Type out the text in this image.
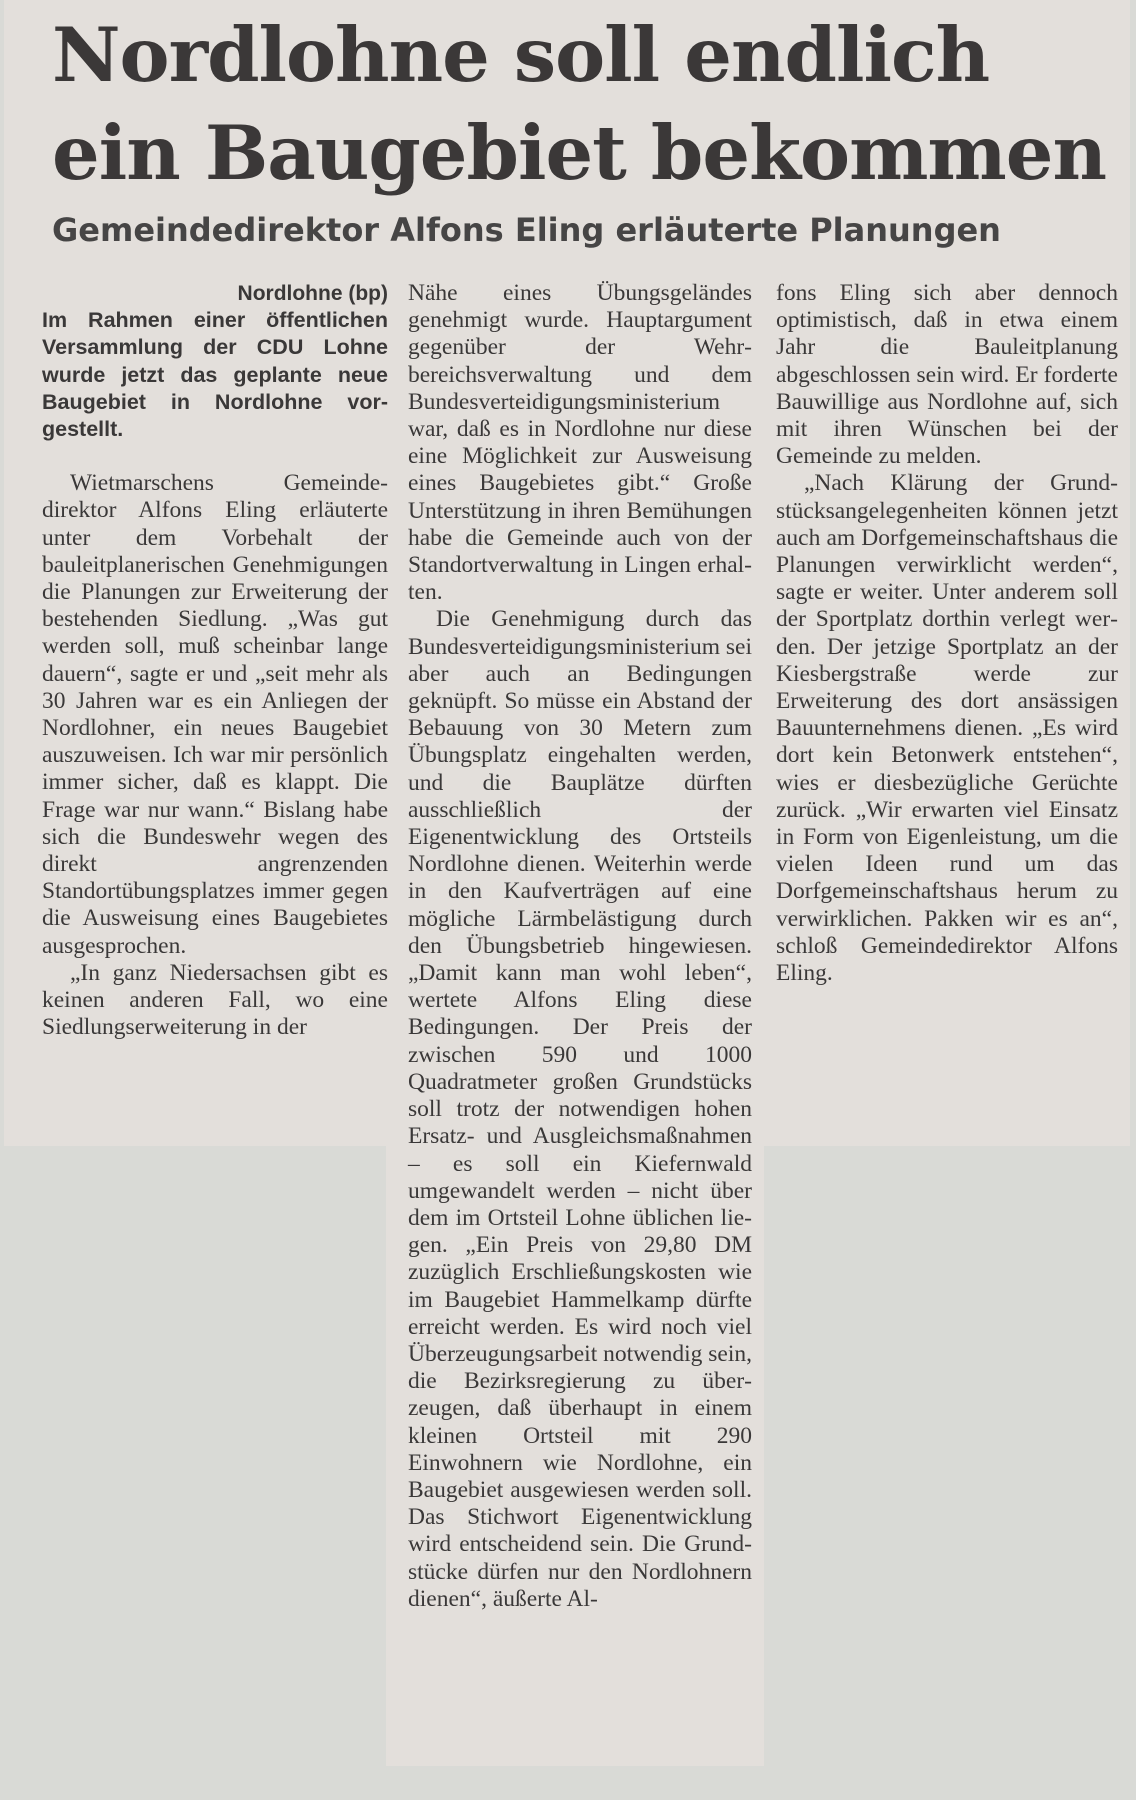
Nordlohne soll endlich ein Baugebiet bekommen
Gemeindedirektor Alfons Eling erläuterte Planungen

Nordlohne (bp)

Im Rahmen einer öffentlichen Versammlung der CDU Lohne wurde jetzt das geplante neue Baugebiet in Nordlohne vorgestellt.

Wietmarschens Gemeindedirektor Alfons Eling erläuterte unter dem Vorbehalt der bauleitplanerischen Genehmigungen die Planungen zur Erweiterung der bestehenden Siedlung. „Was gut werden soll, muß scheinbar lange dauern“, sagte er und „seit mehr als 30 Jahren war es ein Anliegen der Nordlohner, ein neues Baugebiet auszuweisen. Ich war mir persönlich immer sicher, daß es klappt. Die Frage war nur wann.“ Bislang habe sich die Bundeswehr wegen des direkt angrenzenden Standortübungsplatzes immer gegen die Ausweisung eines Baugebietes ausgesprochen.

„In ganz Niedersachsen gibt es keinen anderen Fall, wo eine Siedlungserweiterung in der

Nähe eines Übungsgeländes genehmigt wurde. Hauptargument gegenüber der Wehrbereichsverwaltung und dem Bundesverteidigungsministerium war, daß es in Nordlohne nur diese eine Möglichkeit zur Ausweisung eines Baugebietes gibt.“ Große Unterstützung in ihren Bemühungen habe die Gemeinde auch von der Standortverwaltung in Lingen erhalten.

Die Genehmigung durch das Bundesverteidigungsministerium sei aber auch an Bedingungen geknüpft. So müsse ein Abstand der Bebauung von 30 Metern zum Übungsplatz eingehalten werden, und die Bauplätze dürften ausschließlich der Eigenentwicklung des Ortsteils Nordlohne dienen. Weiterhin werde in den Kaufverträgen auf eine mögliche Lärmbelästigung durch den Übungsbetrieb hingewiesen. „Damit kann man wohl leben“, wertete Alfons Eling diese Bedingungen. Der Preis der zwischen 590 und 1000 Quadratmeter großen Grundstücks soll trotz der notwendigen hohen Ersatz- und Ausgleichsmaßnahmen – es soll ein Kiefernwald umgewandelt werden – nicht über dem im Ortsteil Lohne üblichen liegen. „Ein Preis von 29,80 DM zuzüglich Erschließungskosten wie im Baugebiet Hammelkamp dürfte erreicht werden. Es wird noch viel Überzeugungsarbeit notwendig sein, die Bezirksregierung zu überzeugen, daß überhaupt in einem kleinen Ortsteil mit 290 Einwohnern wie Nordlohne, ein Baugebiet ausgewiesen werden soll. Das Stichwort Eigenentwicklung wird entscheidend sein. Die Grundstücke dürfen nur den Nordlohnern dienen“, äußerte Al-

fons Eling sich aber dennoch optimistisch, daß in etwa einem Jahr die Bauleitplanung abgeschlossen sein wird. Er forderte Bauwillige aus Nordlohne auf, sich mit ihren Wünschen bei der Gemeinde zu melden.

„Nach Klärung der Grundstücksangelegenheiten können jetzt auch am Dorfgemeinschaftshaus die Planungen verwirklicht werden“, sagte er weiter. Unter anderem soll der Sportplatz dorthin verlegt werden. Der jetzige Sportplatz an der Kiesbergstraße werde zur Erweiterung des dort ansässigen Bauunternehmens dienen. „Es wird dort kein Betonwerk entstehen“, wies er diesbezügliche Gerüchte zurück. „Wir erwarten viel Einsatz in Form von Eigenleistung, um die vielen Ideen rund um das Dorfgemeinschaftshaus herum zu verwirklichen. Pakken wir es an“, schloß Gemeindedirektor Alfons Eling.
